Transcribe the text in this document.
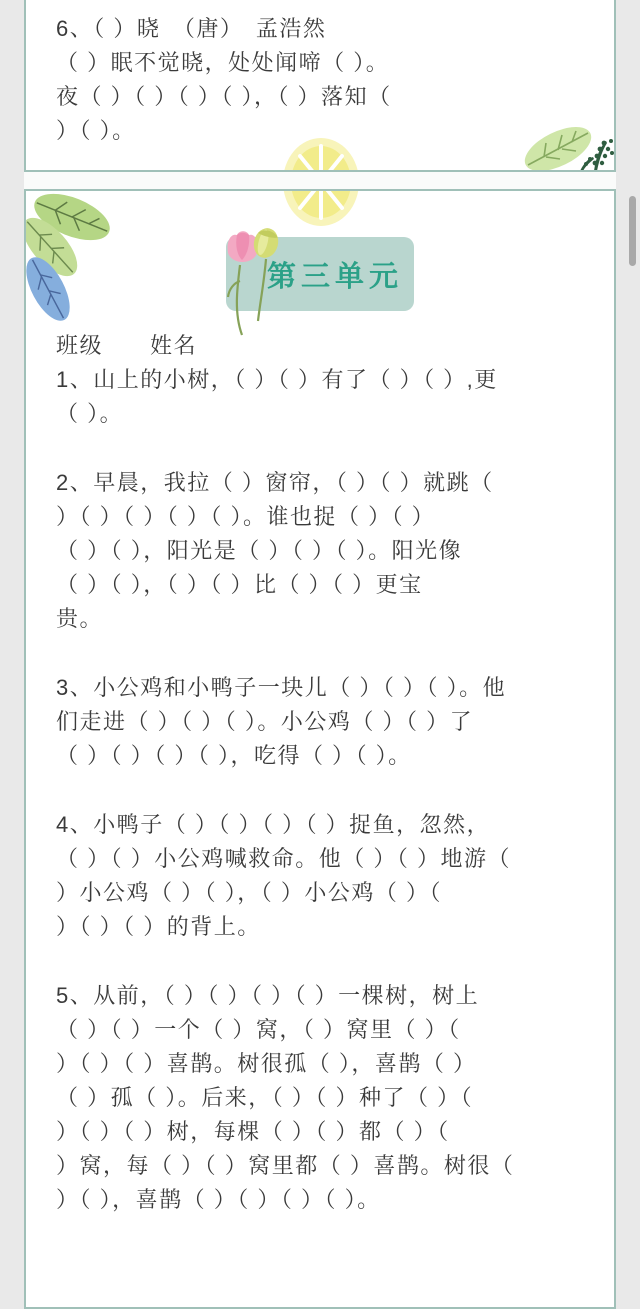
6、（ ）晓　（唐）　孟浩然
（ ）眠不觉晓，处处闻啼（ ）。
夜（ ）（ ）（ ）（ ），（ ）落知（
）（ ）。
第三单元
班级　　姓名
1、山上的小树，（ ）（ ）有了（ ）（ ）,更
（ ）。
2、早晨，我拉（ ）窗帘，（ ）（ ）就跳（
）（ ）（ ）（ ）（ ）。谁也捉（ ）（ ）
（ ）（ ），阳光是（ ）（ ）（ ）。阳光像
（ ）（ ），（ ）（ ）比（ ）（ ）更宝
贵。
3、小公鸡和小鸭子一块儿（ ）（ ）（ ）。他
们走进（ ）（ ）（ ）。小公鸡（ ）（ ）了
（ ）（ ）（ ）（ ），吃得（ ）（ ）。
4、小鸭子（ ）（ ）（ ）（ ）捉鱼，忽然，
（ ）（ ）小公鸡喊救命。他（ ）（ ）地游（
）小公鸡（ ）（ ），（ ）小公鸡（ ）（
）（ ）（ ）的背上。
5、从前，（ ）（ ）（ ）（ ）一棵树，树上
（ ）（ ）一个（ ）窝，（ ）窝里（ ）（
）（ ）（ ）喜鹊。树很孤（ ），喜鹊（ ）
（ ）孤（ ）。后来，（ ）（ ）种了（ ）（
）（ ）（ ）树，每棵（ ）（ ）都（ ）（
）窝，每（ ）（ ）窝里都（ ）喜鹊。树很（
）（ ），喜鹊（ ）（ ）（ ）（ ）。
